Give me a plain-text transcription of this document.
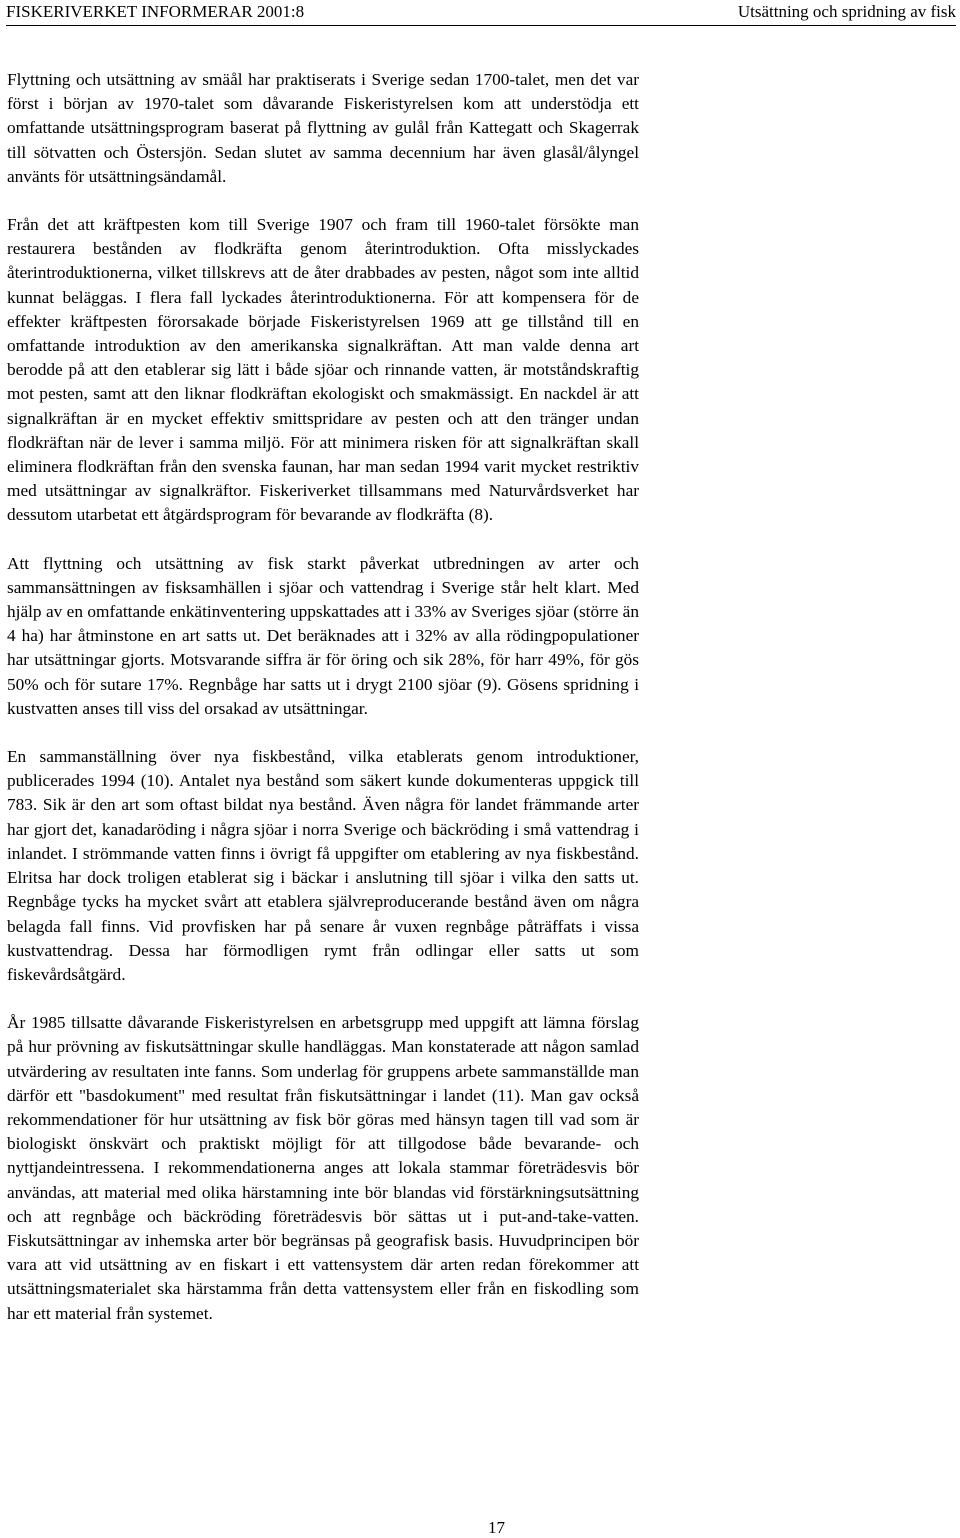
FISKERIVERKET INFORMERAR 2001:8	Utsättning och spridning av fisk

Flyttning och utsättning av smäål har praktiserats i Sverige sedan 1700-talet, men det var först i början av 1970-talet som dåvarande Fiskeristyrelsen kom att understödja ett omfattande utsättningsprogram baserat på flyttning av gulål från Kattegatt och Skagerrak till sötvatten och Östersjön. Sedan slutet av samma decennium har även glasål/ålyngel använts för utsättningsändamål.

Från det att kräftpesten kom till Sverige 1907 och fram till 1960-talet försökte man restaurera bestånden av flodkräfta genom återintroduktion. Ofta misslyckades återintroduktionerna, vilket tillskrevs att de åter drabbades av pesten, något som inte alltid kunnat beläggas. I flera fall lyckades återintroduktionerna. För att kompensera för de effekter kräftpesten förorsakade började Fiskeristyrelsen 1969 att ge tillstånd till en omfattande introduktion av den amerikanska signalkräftan. Att man valde denna art berodde på att den etablerar sig lätt i både sjöar och rinnande vatten, är motståndskraftig mot pesten, samt att den liknar flodkräftan ekologiskt och smakmässigt. En nackdel är att signalkräftan är en mycket effektiv smittspridare av pesten och att den tränger undan flodkräftan när de lever i samma miljö. För att minimera risken för att signalkräftan skall eliminera flodkräftan från den svenska faunan, har man sedan 1994 varit mycket restriktiv med utsättningar av signalkräftor. Fiskeriverket tillsammans med Naturvårdsverket har dessutom utarbetat ett åtgärdsprogram för bevarande av flodkräfta (8).

Att flyttning och utsättning av fisk starkt påverkat utbredningen av arter och sammansättningen av fisksamhällen i sjöar och vattendrag i Sverige står helt klart. Med hjälp av en omfattande enkätinventering uppskattades att i 33% av Sveriges sjöar (större än 4 ha) har åtminstone en art satts ut. Det beräknades att i 32% av alla rödingpopulationer har utsättningar gjorts. Motsvarande siffra är för öring och sik 28%, för harr 49%, för gös 50% och för sutare 17%. Regnbåge har satts ut i drygt 2100 sjöar (9). Gösens spridning i kustvatten anses till viss del orsakad av utsättningar.

En sammanställning över nya fiskbestånd, vilka etablerats genom introduktioner, publicerades 1994 (10). Antalet nya bestånd som säkert kunde dokumenteras uppgick till 783. Sik är den art som oftast bildat nya bestånd. Även några för landet främmande arter har gjort det, kanadaröding i några sjöar i norra Sverige och bäckröding i små vattendrag i inlandet. I strömmande vatten finns i övrigt få uppgifter om etablering av nya fiskbestånd. Elritsa har dock troligen etablerat sig i bäckar i anslutning till sjöar i vilka den satts ut. Regnbåge tycks ha mycket svårt att etablera självreproducerande bestånd även om några belagda fall finns. Vid provfisken har på senare år vuxen regnbåge påträffats i vissa kustvattendrag. Dessa har förmodligen rymt från odlingar eller satts ut som fiskevårdsåtgärd.

År 1985 tillsatte dåvarande Fiskeristyrelsen en arbetsgrupp med uppgift att lämna förslag på hur prövning av fiskutsättningar skulle handläggas. Man konstaterade att någon samlad utvärdering av resultaten inte fanns. Som underlag för gruppens arbete sammanställde man därför ett "basdokument" med resultat från fiskutsättningar i landet (11). Man gav också rekommendationer för hur utsättning av fisk bör göras med hänsyn tagen till vad som är biologiskt önskvärt och praktiskt möjligt för att tillgodose både bevarande- och nyttjandeintressena. I rekommendationerna anges att lokala stammar företrädesvis bör användas, att material med olika härstamning inte bör blandas vid förstärkningsutsättning och att regnbåge och bäckröding företrädesvis bör sättas ut i put-and-take-vatten. Fiskutsättningar av inhemska arter bör begränsas på geografisk basis. Huvudprincipen bör vara att vid utsättning av en fiskart i ett vattensystem där arten redan förekommer att utsättningsmaterialet ska härstamma från detta vattensystem eller från en fiskodling som har ett material från systemet.

17
